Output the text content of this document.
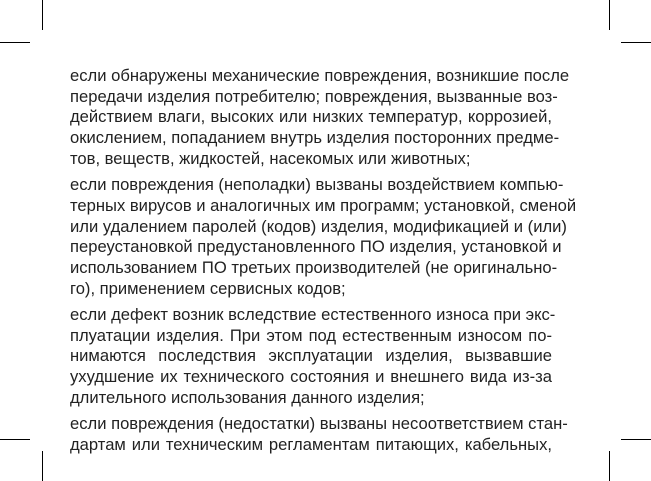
если обнаружены механические повреждения, возникшие после
передачи изделия потребителю; повреждения, вызванные воз-
действием влаги, высоких или низких температур, коррозией,
окислением, попаданием внутрь изделия посторонних предме-
тов, веществ, жидкостей, насекомых или животных;

если повреждения (неполадки) вызваны воздействием компью-
терных вирусов и аналогичных им программ; установкой, сменой
или удалением паролей (кодов) изделия, модификацией и (или)
переустановкой предустановленного ПО изделия, установкой и
использованием ПО третьих производителей (не оригинально-
го), применением сервисных кодов;

если дефект возник вследствие естественного износа при экс-
плуатации изделия. При этом под естественным износом по-
нимаются последствия эксплуатации изделия, вызвавшие
ухудшение их технического состояния и внешнего вида из-за
длительного использования данного изделия;

если повреждения (недостатки) вызваны несоответствием стан-
дартам или техническим регламентам питающих, кабельных,
